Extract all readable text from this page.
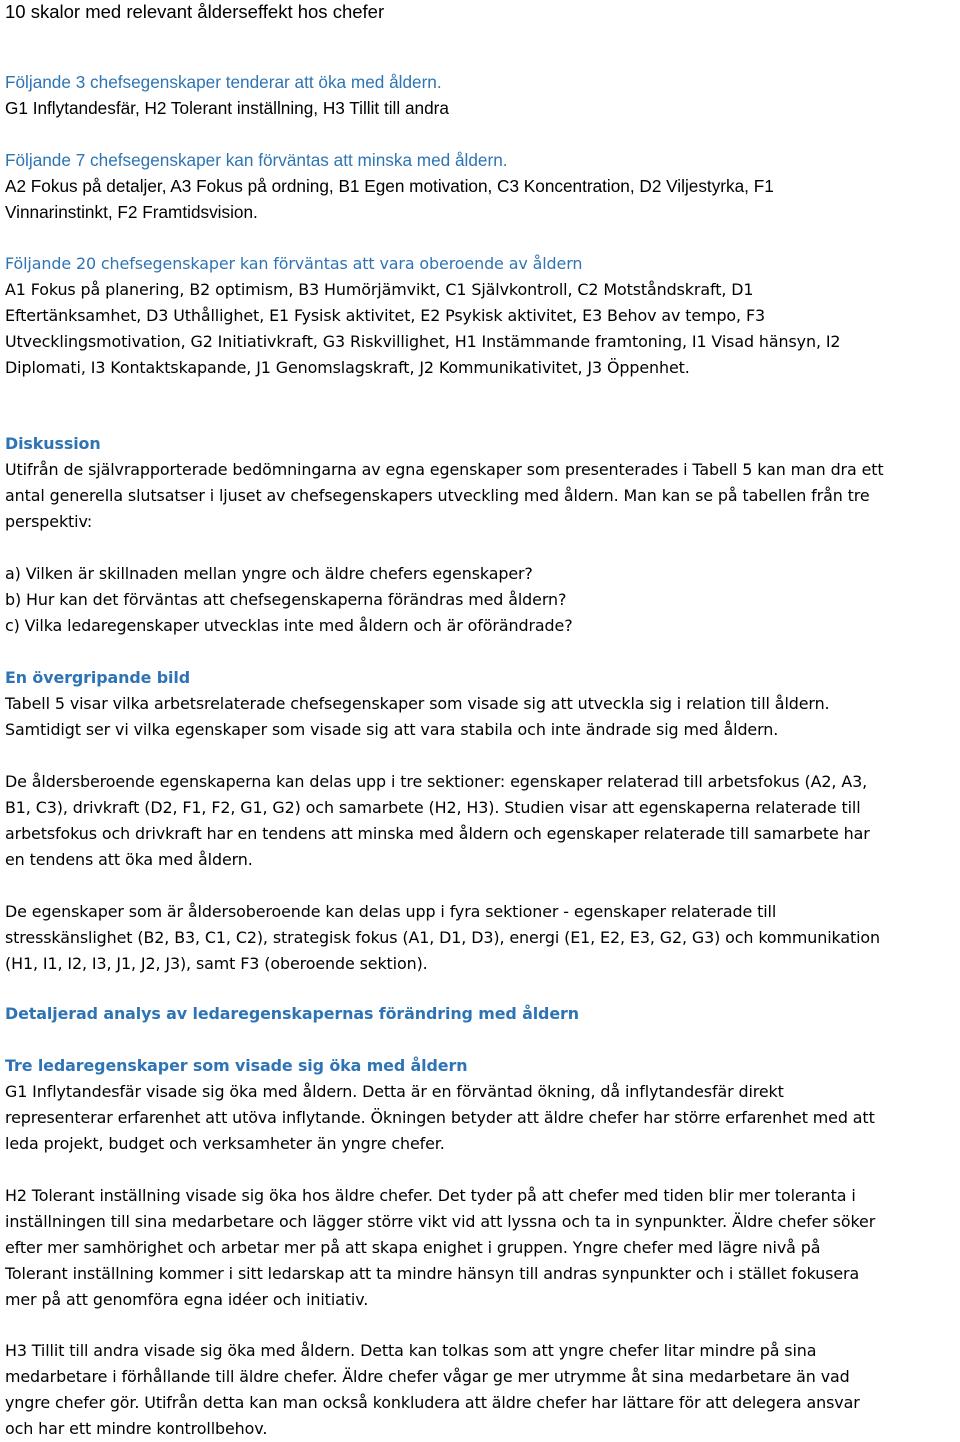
10 skalor med relevant ålderseffekt hos chefer

Följande 3 chefsegenskaper tenderar att öka med åldern.

G1 Inflytandesfär, H2 Tolerant inställning, H3 Tillit till andra

Följande 7 chefsegenskaper kan förväntas att minska med åldern.

A2 Fokus på detaljer, A3 Fokus på ordning, B1 Egen motivation, C3 Koncentration, D2 Viljestyrka, F1
Vinnarinstinkt, F2 Framtidsvision.

Följande 20 chefsegenskaper kan förväntas att vara oberoende av åldern

A1 Fokus på planering, B2 optimism, B3 Humörjämvikt, C1 Självkontroll, C2 Motståndskraft, D1
Eftertänksamhet, D3 Uthållighet, E1 Fysisk aktivitet, E2 Psykisk aktivitet, E3 Behov av tempo, F3
Utvecklingsmotivation, G2 Initiativkraft, G3 Riskvillighet, H1 Instämmande framtoning, I1 Visad hänsyn, I2
Diplomati, I3 Kontaktskapande, J1 Genomslagskraft, J2 Kommunikativitet, J3 Öppenhet.

Diskussion

Utifrån de självrapporterade bedömningarna av egna egenskaper som presenterades i Tabell 5 kan man dra ett
antal generella slutsatser i ljuset av chefsegenskapers utveckling med åldern. Man kan se på tabellen från tre
perspektiv:

a) Vilken är skillnaden mellan yngre och äldre chefers egenskaper?
b) Hur kan det förväntas att chefsegenskaperna förändras med åldern?
c) Vilka ledaregenskaper utvecklas inte med åldern och är oförändrade?

En övergripande bild

Tabell 5 visar vilka arbetsrelaterade chefsegenskaper som visade sig att utveckla sig i relation till åldern.
Samtidigt ser vi vilka egenskaper som visade sig att vara stabila och inte ändrade sig med åldern.

De åldersberoende egenskaperna kan delas upp i tre sektioner: egenskaper relaterad till arbetsfokus (A2, A3,
B1, C3), drivkraft (D2, F1, F2, G1, G2) och samarbete (H2, H3). Studien visar att egenskaperna relaterade till
arbetsfokus och drivkraft har en tendens att minska med åldern och egenskaper relaterade till samarbete har
en tendens att öka med åldern.

De egenskaper som är åldersoberoende kan delas upp i fyra sektioner - egenskaper relaterade till
stresskänslighet (B2, B3, C1, C2), strategisk fokus (A1, D1, D3), energi (E1, E2, E3, G2, G3) och kommunikation
(H1, I1, I2, I3, J1, J2, J3), samt F3 (oberoende sektion).

Detaljerad analys av ledaregenskapernas förändring med åldern
Tre ledaregenskaper som visade sig öka med åldern

G1 Inflytandesfär visade sig öka med åldern. Detta är en förväntad ökning, då inflytandesfär direkt
representerar erfarenhet att utöva inflytande. Ökningen betyder att äldre chefer har större erfarenhet med att
leda projekt, budget och verksamheter än yngre chefer.

H2 Tolerant inställning visade sig öka hos äldre chefer. Det tyder på att chefer med tiden blir mer toleranta i
inställningen till sina medarbetare och lägger större vikt vid att lyssna och ta in synpunkter. Äldre chefer söker
efter mer samhörighet och arbetar mer på att skapa enighet i gruppen. Yngre chefer med lägre nivå på
Tolerant inställning kommer i sitt ledarskap att ta mindre hänsyn till andras synpunkter och i stället fokusera
mer på att genomföra egna idéer och initiativ.

H3 Tillit till andra visade sig öka med åldern. Detta kan tolkas som att yngre chefer litar mindre på sina
medarbetare i förhållande till äldre chefer. Äldre chefer vågar ge mer utrymme åt sina medarbetare än vad
yngre chefer gör. Utifrån detta kan man också konkludera att äldre chefer har lättare för att delegera ansvar
och har ett mindre kontrollbehov.
